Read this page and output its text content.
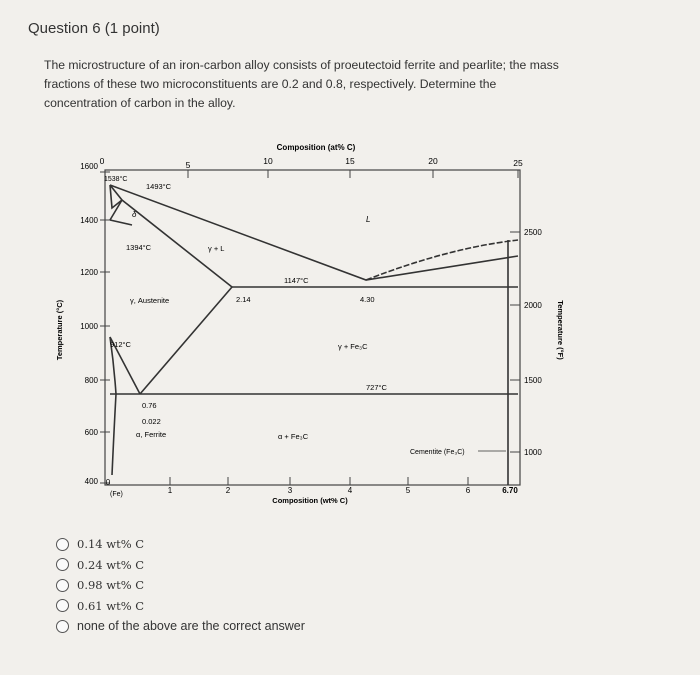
Question 6 (1 point)
The microstructure of an iron-carbon alloy consists of proeutectoid ferrite and pearlite; the mass fractions of these two microconstituents are 0.2 and 0.8, respectively. Determine the concentration of carbon in the alloy.
0	5	10	15	20	25
Composition (at% C)
1600
1400
1200
1000
800
600
400
Temperature (°C)
2500
2000
1500
1000
Temperature (°F)
0
1	2	3	4	5	6	6.70
(Fe)
Composition (wt% C)
1538°C
1493°C
δ
1394°C	γ + L
L
1147°C
2.14	4.30
γ, Austenite
γ + Fe₃C
912°C
727°C
0.76
0.022
α, Ferrite	α + Fe₃C
Cementite (Fe₃C)
0.14 wt% C
0.24 wt% C
0.98 wt% C
0.61 wt% C
none of the above are the correct answer
